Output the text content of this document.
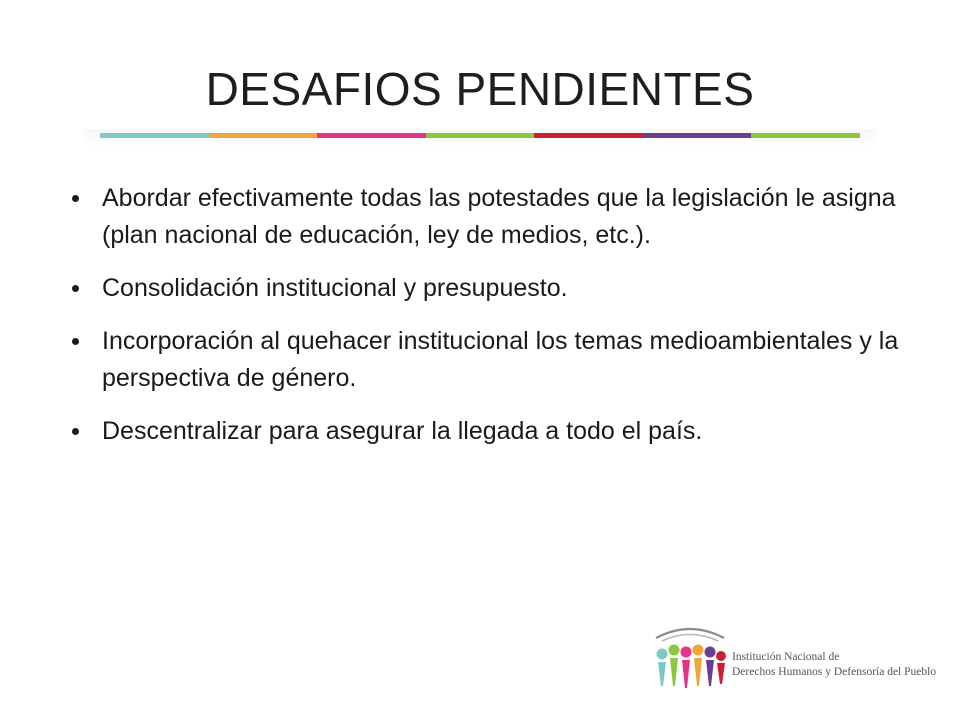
DESAFIOS PENDIENTES
Abordar efectivamente todas las potestades que la legislación le asigna (plan nacional de educación, ley de medios, etc.).
Consolidación institucional y presupuesto.
Incorporación al quehacer institucional los temas medioambientales y la perspectiva de género.
Descentralizar para asegurar la llegada a todo el país.
Institución Nacional de
Derechos Humanos y Defensoría del Pueblo
